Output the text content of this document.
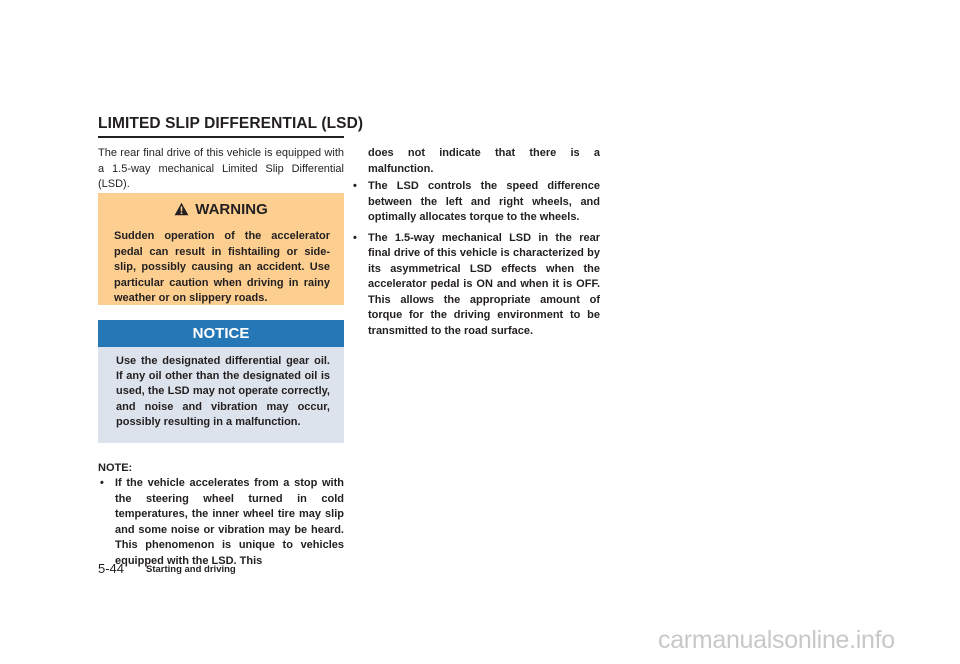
LIMITED SLIP DIFFERENTIAL (LSD)
The rear final drive of this vehicle is equipped with a 1.5-way mechanical Limited Slip Differential (LSD).
WARNING
Sudden operation of the accelerator pedal can result in fishtailing or side-slip, possibly causing an accident. Use particular caution when driving in rainy weather or on slippery roads.
NOTICE
Use the designated differential gear oil. If any oil other than the designated oil is used, the LSD may not operate correctly, and noise and vibration may occur, possibly resulting in a malfunction.
NOTE:
• If the vehicle accelerates from a stop with the steering wheel turned in cold temperatures, the inner wheel tire may slip and some noise or vibration may be heard. This phenomenon is unique to vehicles equipped with the LSD. This
does not indicate that there is a malfunction.
• The LSD controls the speed difference between the left and right wheels, and optimally allocates torque to the wheels.
• The 1.5-way mechanical LSD in the rear final drive of this vehicle is characterized by its asymmetrical LSD effects when the accelerator pedal is ON and when it is OFF. This allows the appropriate amount of torque for the driving environment to be transmitted to the road surface.
5-44 Starting and driving
carmanualsonline.info
